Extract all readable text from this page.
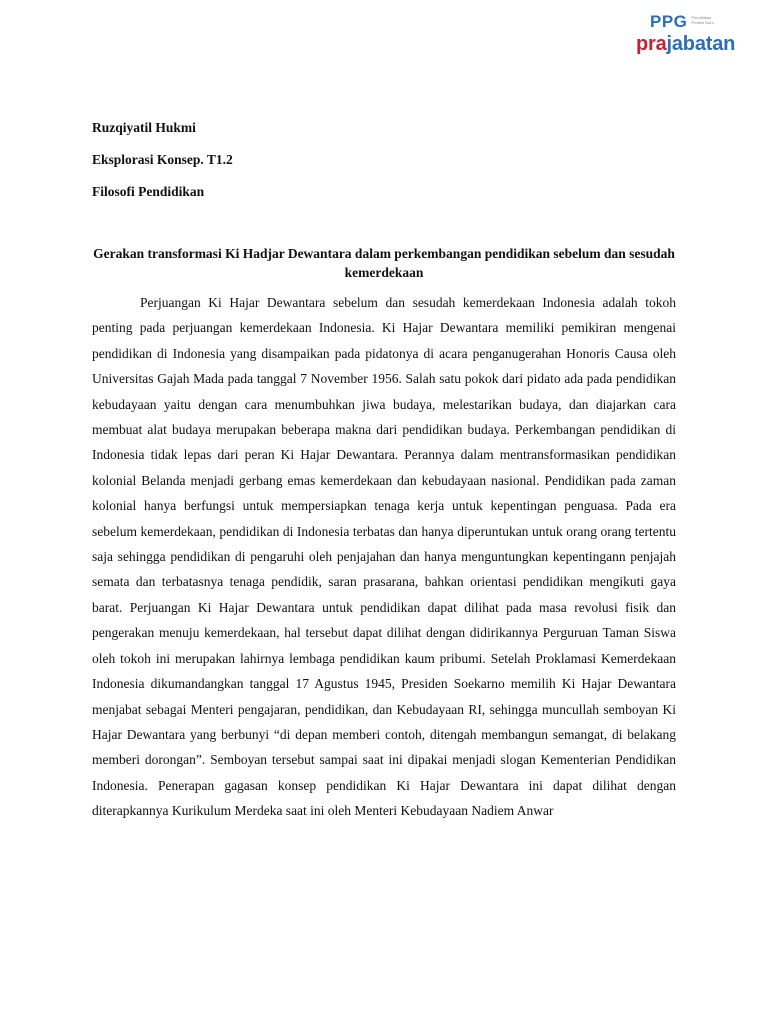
PPG Pendidikan Profesi Guru
prajabatan

Ruzqiyatil Hukmi

Eksplorasi Konsep. T1.2

Filosofi Pendidikan

Gerakan transformasi Ki Hadjar Dewantara dalam perkembangan pendidikan sebelum dan sesudah kemerdekaan

Perjuangan Ki Hajar Dewantara sebelum dan sesudah kemerdekaan Indonesia adalah tokoh penting pada perjuangan kemerdekaan Indonesia. Ki Hajar Dewantara memiliki pemikiran mengenai pendidikan di Indonesia yang disampaikan pada pidatonya di acara penganugerahan Honoris Causa oleh Universitas Gajah Mada pada tanggal 7 November 1956. Salah satu pokok dari pidato ada pada pendidikan kebudayaan yaitu dengan cara menumbuhkan jiwa budaya, melestarikan budaya, dan diajarkan cara membuat alat budaya merupakan beberapa makna dari pendidikan budaya. Perkembangan pendidikan di Indonesia tidak lepas dari peran Ki Hajar Dewantara. Perannya dalam mentransformasikan pendidikan kolonial Belanda menjadi gerbang emas kemerdekaan dan kebudayaan nasional. Pendidikan pada zaman kolonial hanya berfungsi untuk mempersiapkan tenaga kerja untuk kepentingan penguasa. Pada era sebelum kemerdekaan, pendidikan di Indonesia terbatas dan hanya diperuntukan untuk orang orang tertentu saja sehingga pendidikan di pengaruhi oleh penjajahan dan hanya menguntungkan kepentingann penjajah semata dan terbatasnya tenaga pendidik, saran prasarana, bahkan orientasi pendidikan mengikuti gaya barat. Perjuangan Ki Hajar Dewantara untuk pendidikan dapat dilihat pada masa revolusi fisik dan pengerakan menuju kemerdekaan, hal tersebut dapat dilihat dengan didirikannya Perguruan Taman Siswa oleh tokoh ini merupakan lahirnya lembaga pendidikan kaum pribumi. Setelah Proklamasi Kemerdekaan Indonesia dikumandangkan tanggal 17 Agustus 1945, Presiden Soekarno memilih Ki Hajar Dewantara menjabat sebagai Menteri pengajaran, pendidikan, dan Kebudayaan RI, sehingga muncullah semboyan Ki Hajar Dewantara yang berbunyi “di depan memberi contoh, ditengah membangun semangat, di belakang memberi dorongan”. Semboyan tersebut sampai saat ini dipakai menjadi slogan Kementerian Pendidikan Indonesia. Penerapan gagasan konsep pendidikan Ki Hajar Dewantara ini dapat dilihat dengan diterapkannya Kurikulum Merdeka saat ini oleh Menteri Kebudayaan Nadiem Anwar
